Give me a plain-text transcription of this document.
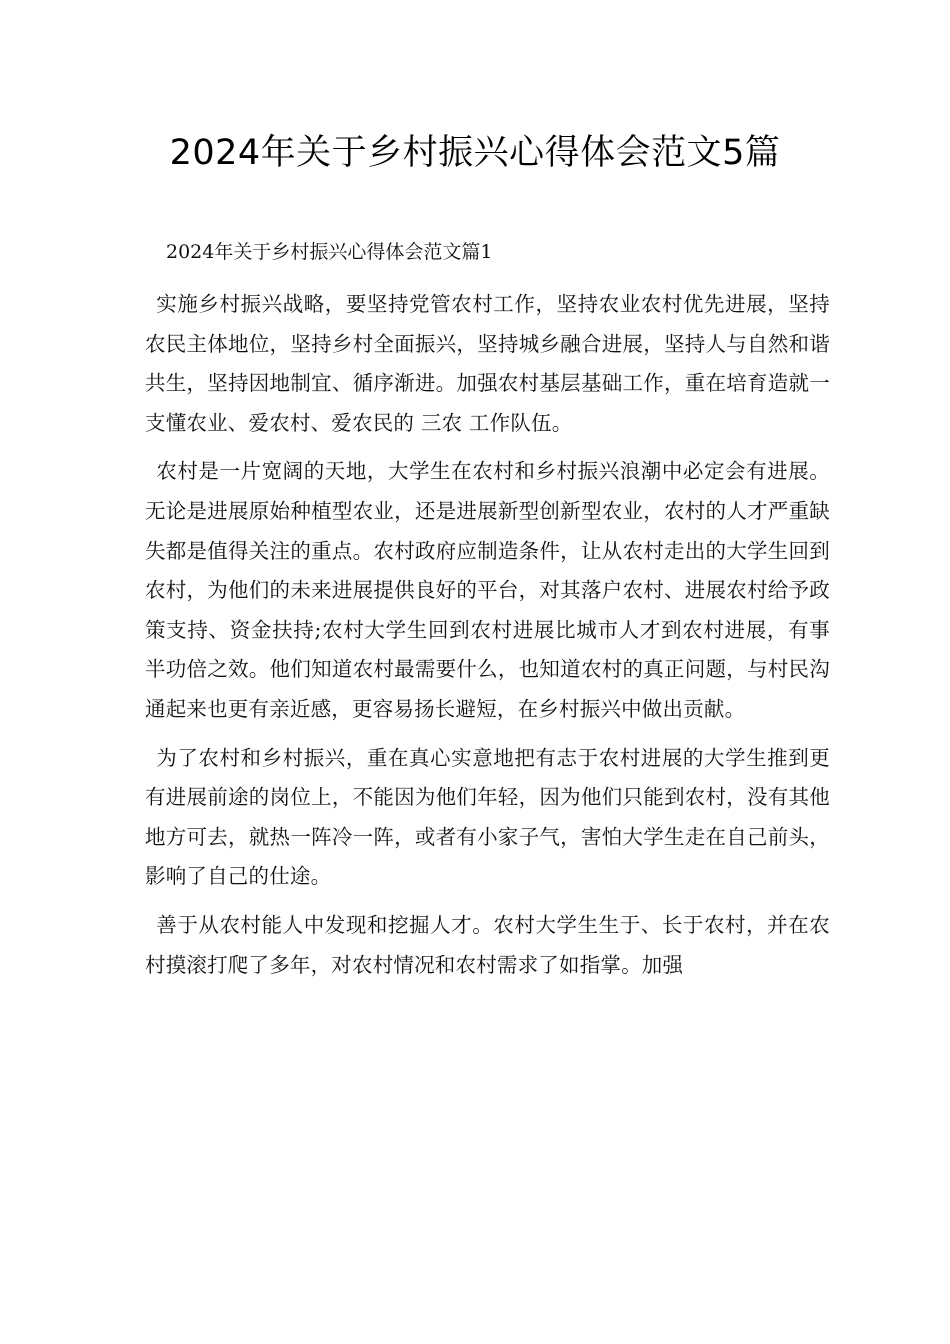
2024年关于乡村振兴心得体会范文5篇

2024年关于乡村振兴心得体会范文篇1

实施乡村振兴战略，要坚持党管农村工作，坚持农业农村优先进展，坚持农民主体地位，坚持乡村全面振兴，坚持城乡融合进展，坚持人与自然和谐共生，坚持因地制宜、循序渐进。加强农村基层基础工作，重在培育造就一支懂农业、爱农村、爱农民的 三农 工作队伍。

农村是一片宽阔的天地，大学生在农村和乡村振兴浪潮中必定会有进展。无论是进展原始种植型农业，还是进展新型创新型农业，农村的人才严重缺失都是值得关注的重点。农村政府应制造条件，让从农村走出的大学生回到农村，为他们的未来进展提供良好的平台，对其落户农村、进展农村给予政策支持、资金扶持;农村大学生回到农村进展比城市人才到农村进展，有事半功倍之效。他们知道农村最需要什么，也知道农村的真正问题，与村民沟通起来也更有亲近感，更容易扬长避短，在乡村振兴中做出贡献。

为了农村和乡村振兴，重在真心实意地把有志于农村进展的大学生推到更有进展前途的岗位上，不能因为他们年轻，因为他们只能到农村，没有其他地方可去，就热一阵冷一阵，或者有小家子气，害怕大学生走在自己前头，影响了自己的仕途。

善于从农村能人中发现和挖掘人才。农村大学生生于、长于农村，并在农村摸滚打爬了多年，对农村情况和农村需求了如指掌。加强
